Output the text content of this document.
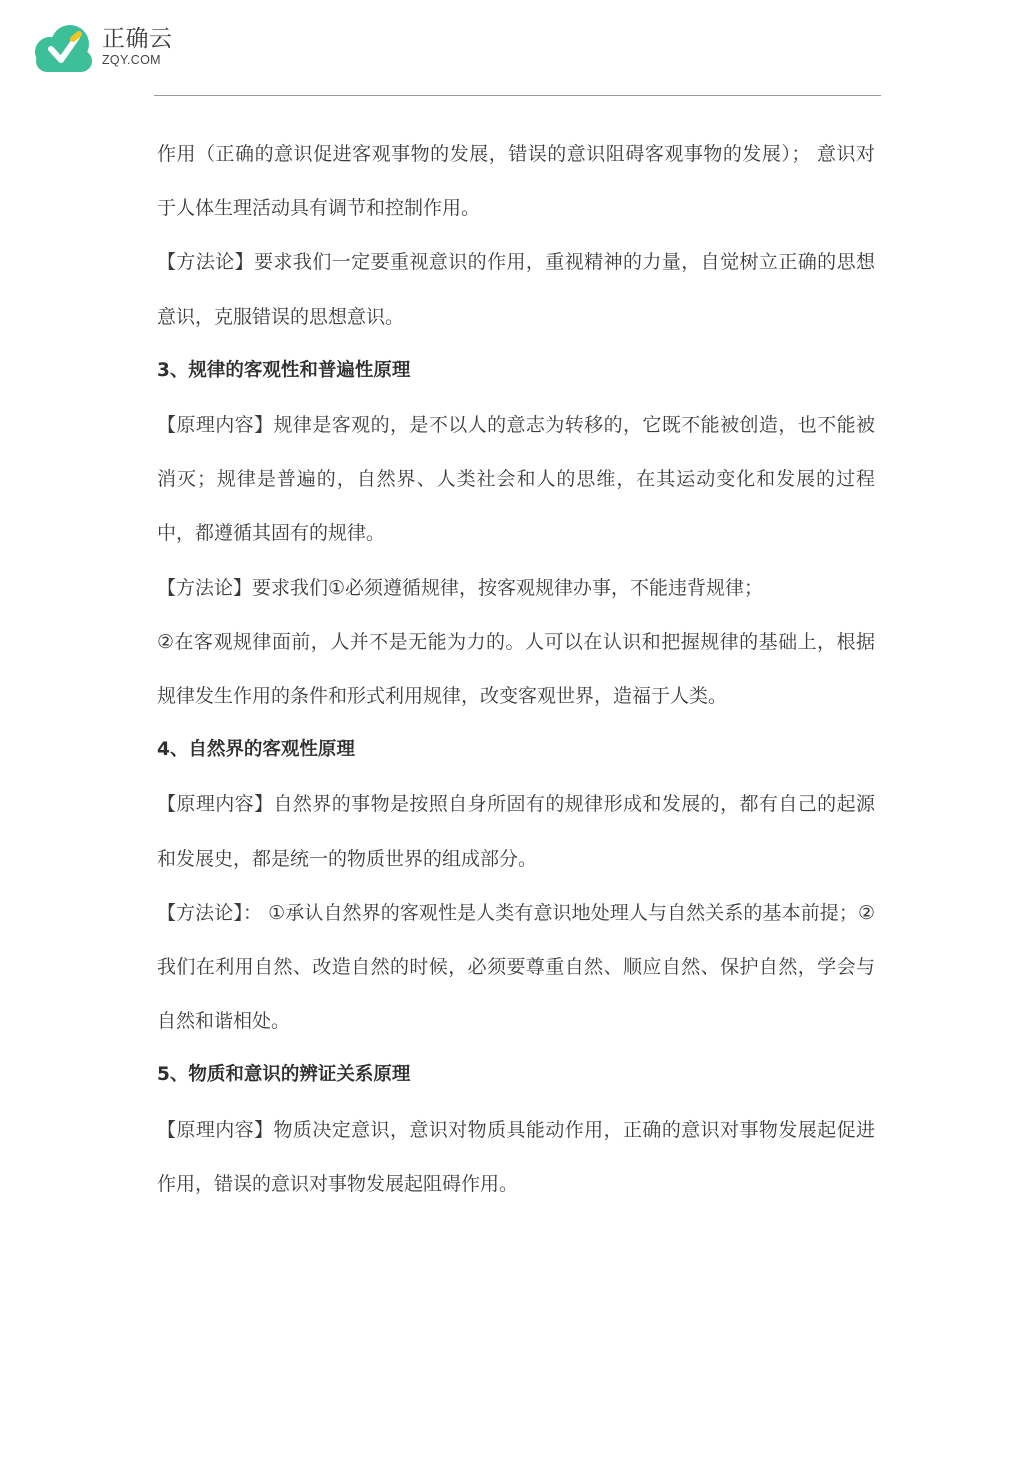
正确云
ZQY.COM

作用（正确的意识促进客观事物的发展，错误的意识阻碍客观事物的发展）； 意识对于人体生理活动具有调节和控制作用。

【方法论】要求我们一定要重视意识的作用，重视精神的力量，自觉树立正确的思想意识，克服错误的思想意识。

3、规律的客观性和普遍性原理

【原理内容】规律是客观的，是不以人的意志为转移的，它既不能被创造，也不能被消灭；规律是普遍的，自然界、人类社会和人的思维，在其运动变化和发展的过程中，都遵循其固有的规律。

【方法论】要求我们①必须遵循规律，按客观规律办事，不能违背规律；

②在客观规律面前，人并不是无能为力的。人可以在认识和把握规律的基础上，根据规律发生作用的条件和形式利用规律，改变客观世界，造福于人类。

4、自然界的客观性原理

【原理内容】自然界的事物是按照自身所固有的规律形成和发展的，都有自己的起源和发展史，都是统一的物质世界的组成部分。

【方法论】： ①承认自然界的客观性是人类有意识地处理人与自然关系的基本前提；②我们在利用自然、改造自然的时候，必须要尊重自然、顺应自然、保护自然，学会与自然和谐相处。

5、物质和意识的辨证关系原理

【原理内容】物质决定意识，意识对物质具能动作用，正确的意识对事物发展起促进作用，错误的意识对事物发展起阻碍作用。
